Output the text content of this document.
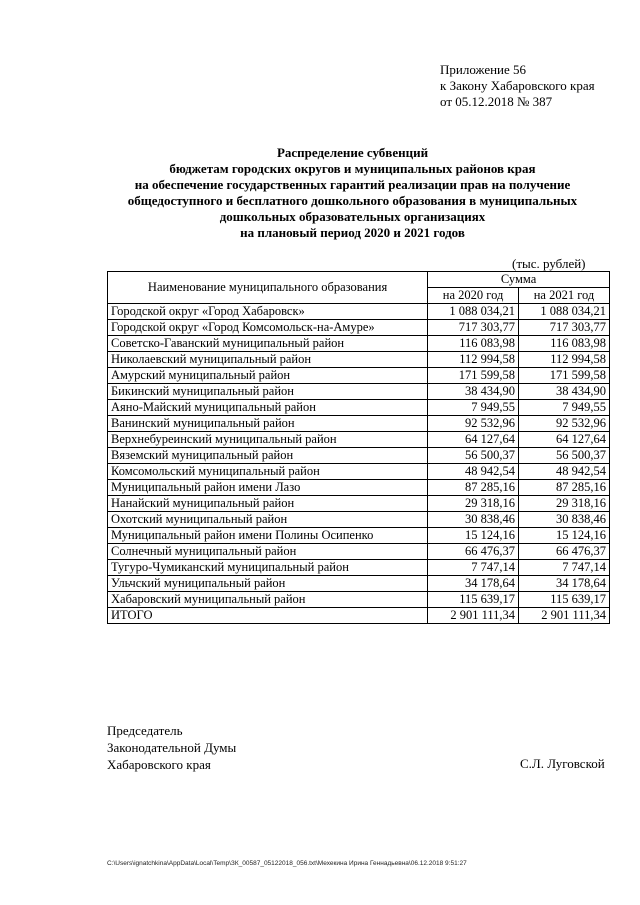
Приложение 56
к Закону Хабаровского края
от 05.12.2018 № 387
Распределение субвенций
бюджетам городских округов и муниципальных районов края
на обеспечение государственных гарантий реализации прав на получение
общедоступного и бесплатного дошкольного образования в муниципальных
дошкольных образовательных организациях
на плановый период 2020 и 2021 годов
(тыс. рублей)
Наименование муниципального образования	Сумма	
	на 2020 год	на 2021 год
Городской округ «Город Хабаровск»	1 088 034,21	1 088 034,21
Городской округ «Город Комсомольск-на-Амуре»	717 303,77	717 303,77
Советско-Гаванский муниципальный район	116 083,98	116 083,98
Николаевский муниципальный район	112 994,58	112 994,58
Амурский муниципальный район	171 599,58	171 599,58
Бикинский муниципальный район	38 434,90	38 434,90
Аяно-Майский муниципальный район	7 949,55	7 949,55
Ванинский муниципальный район	92 532,96	92 532,96
Верхнебуреинский муниципальный район	64 127,64	64 127,64
Вяземский муниципальный район	56 500,37	56 500,37
Комсомольский муниципальный район	48 942,54	48 942,54
Муниципальный район имени Лазо	87 285,16	87 285,16
Нанайский муниципальный район	29 318,16	29 318,16
Охотский муниципальный район	30 838,46	30 838,46
Муниципальный район имени Полины Осипенко	15 124,16	15 124,16
Солнечный муниципальный район	66 476,37	66 476,37
Тугуро-Чумиканский муниципальный район	7 747,14	7 747,14
Ульчский муниципальный район	34 178,64	34 178,64
Хабаровский муниципальный район	115 639,17	115 639,17
ИТОГО	2 901 111,34	2 901 111,34
Председатель
Законодательной Думы
Хабаровского края	С.Л. Луговской
C:\Users\ignatchkina\AppData\Local\Temp\ЗК_00587_05122018_056.txt\Мехекина Ирина Геннадьевна\06.12.2018 9:51:27
